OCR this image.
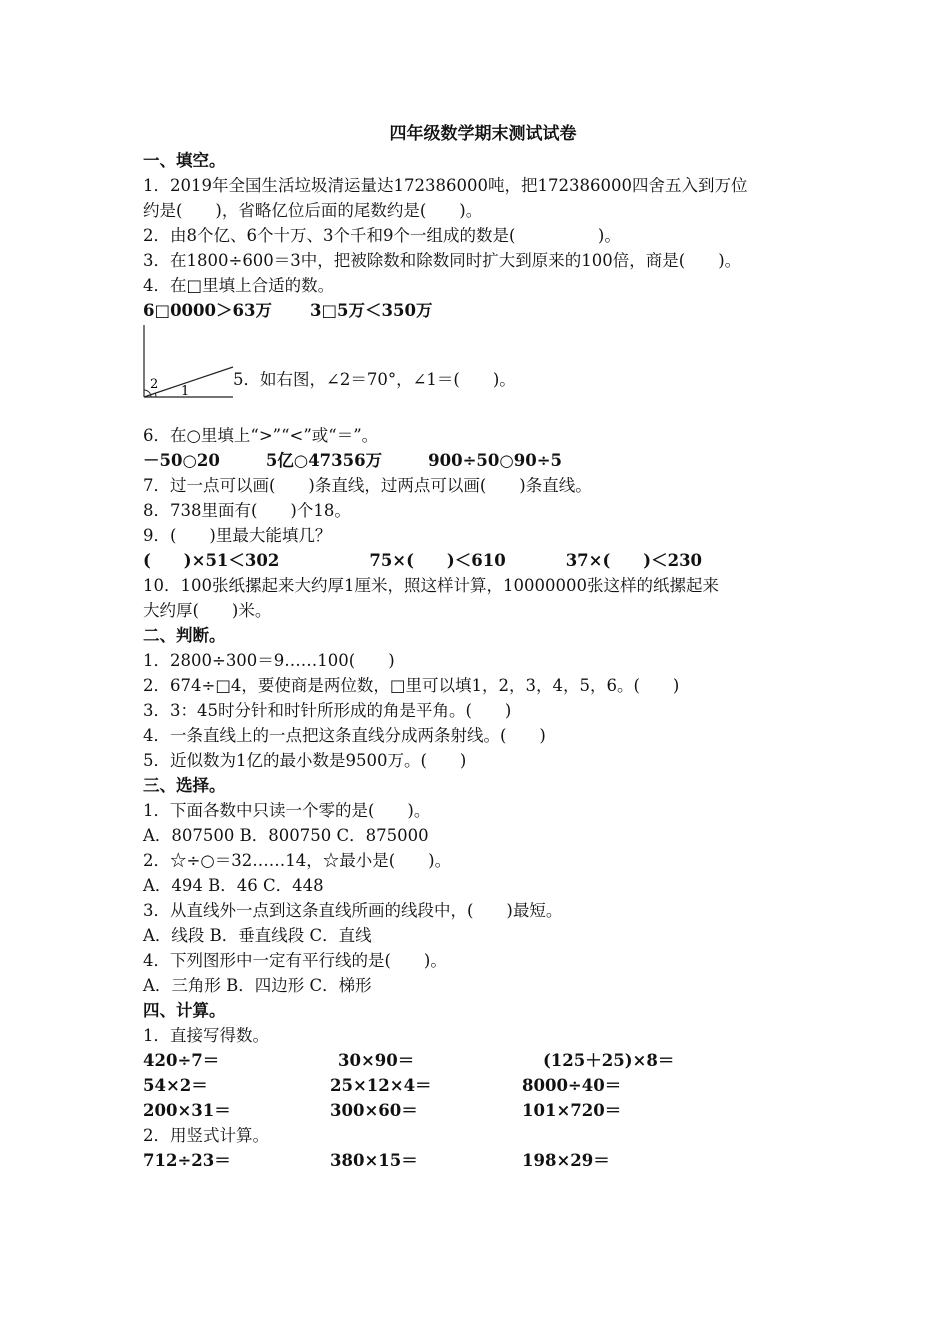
四年级数学期末测试试卷
一、填空。
1．2019年全国生活垃圾清运量达172386000吨，把172386000四舍五入到万位
约是(　　)，省略亿位后面的尾数约是(　　)。
2．由8个亿、6个十万、3个千和9个一组成的数是(　　　　　)。
3．在1800÷600＝3中，把被除数和除数同时扩大到原来的100倍，商是(　　)。
4．在□里填上合适的数。
6□0000＞63万 3□5万＜350万
2 1
5．如右图，∠2＝70°，∠1＝(　　)。
6．在○里填上“>”“<”或“＝”。
－50○20	5亿○47356万	900÷50○90÷5
7．过一点可以画(　　)条直线，过两点可以画(　　)条直线。
8．738里面有(　　)个18。
9．(　　)里最大能填几？
(　　)×51＜302	75×(　　)＜610	37×(　　)＜230
10．100张纸摞起来大约厚1厘米，照这样计算，10000000张这样的纸摞起来
大约厚(　　)米。
二、判断。
1．2800÷300＝9……100(　　)
2．674÷□4，要使商是两位数，□里可以填1，2，3，4，5，6。(　　)
3．3：45时分针和时针所形成的角是平角。(　　)
4．一条直线上的一点把这条直线分成两条射线。(　　)
5．近似数为1亿的最小数是9500万。(　　)
三、选择。
1．下面各数中只读一个零的是(　　)。
A．807500 B．800750 C．875000
2．☆÷○＝32……14，☆最小是(　　)。
A．494 B．46 C．448
3．从直线外一点到这条直线所画的线段中，(　　)最短。
A．线段 B．垂直线段 C．直线
4．下列图形中一定有平行线的是(　　)。
A．三角形 B．四边形 C．梯形
四、计算。
1．直接写得数。
420÷7＝	30×90＝	(125＋25)×8＝
54×2＝	25×12×4＝	8000÷40＝
200×31＝	300×60＝	101×720＝
2．用竖式计算。
712÷23＝	380×15＝	198×29＝
